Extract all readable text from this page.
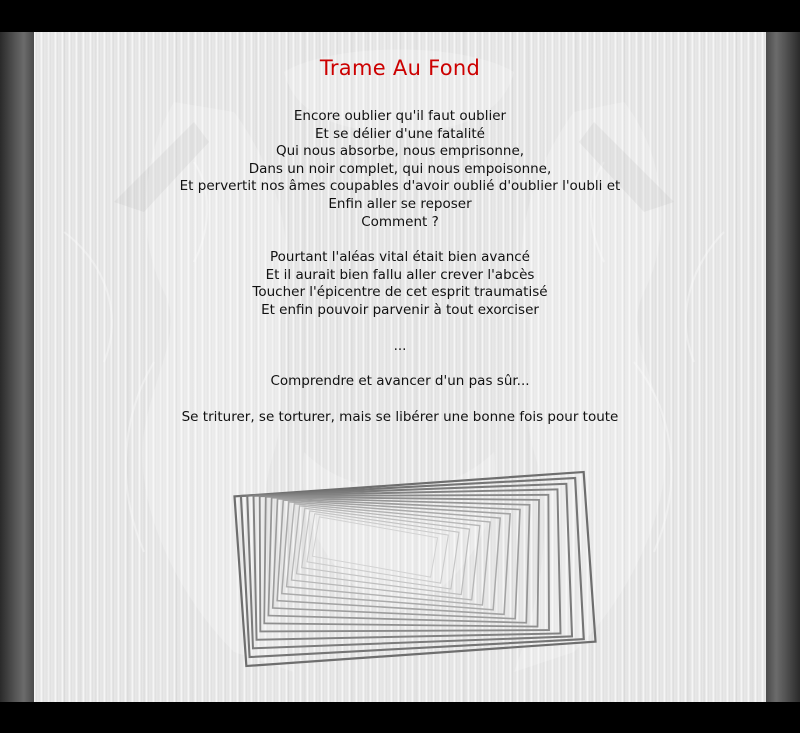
Trame Au Fond
Encore oublier qu'il faut oublier
Et se délier d'une fatalité
Qui nous absorbe, nous emprisonne,
Dans un noir complet, qui nous empoisonne,
Et pervertit nos âmes coupables d'avoir oublié d'oublier l'oubli et
Enfin aller se reposer
Comment ?
Pourtant l'aléas vital était bien avancé
Et il aurait bien fallu aller crever l'abcès
Toucher l'épicentre de cet esprit traumatisé
Et enfin pouvoir parvenir à tout exorciser
...
Comprendre et avancer d'un pas sûr...
Se triturer, se torturer, mais se libérer une bonne fois pour toute
